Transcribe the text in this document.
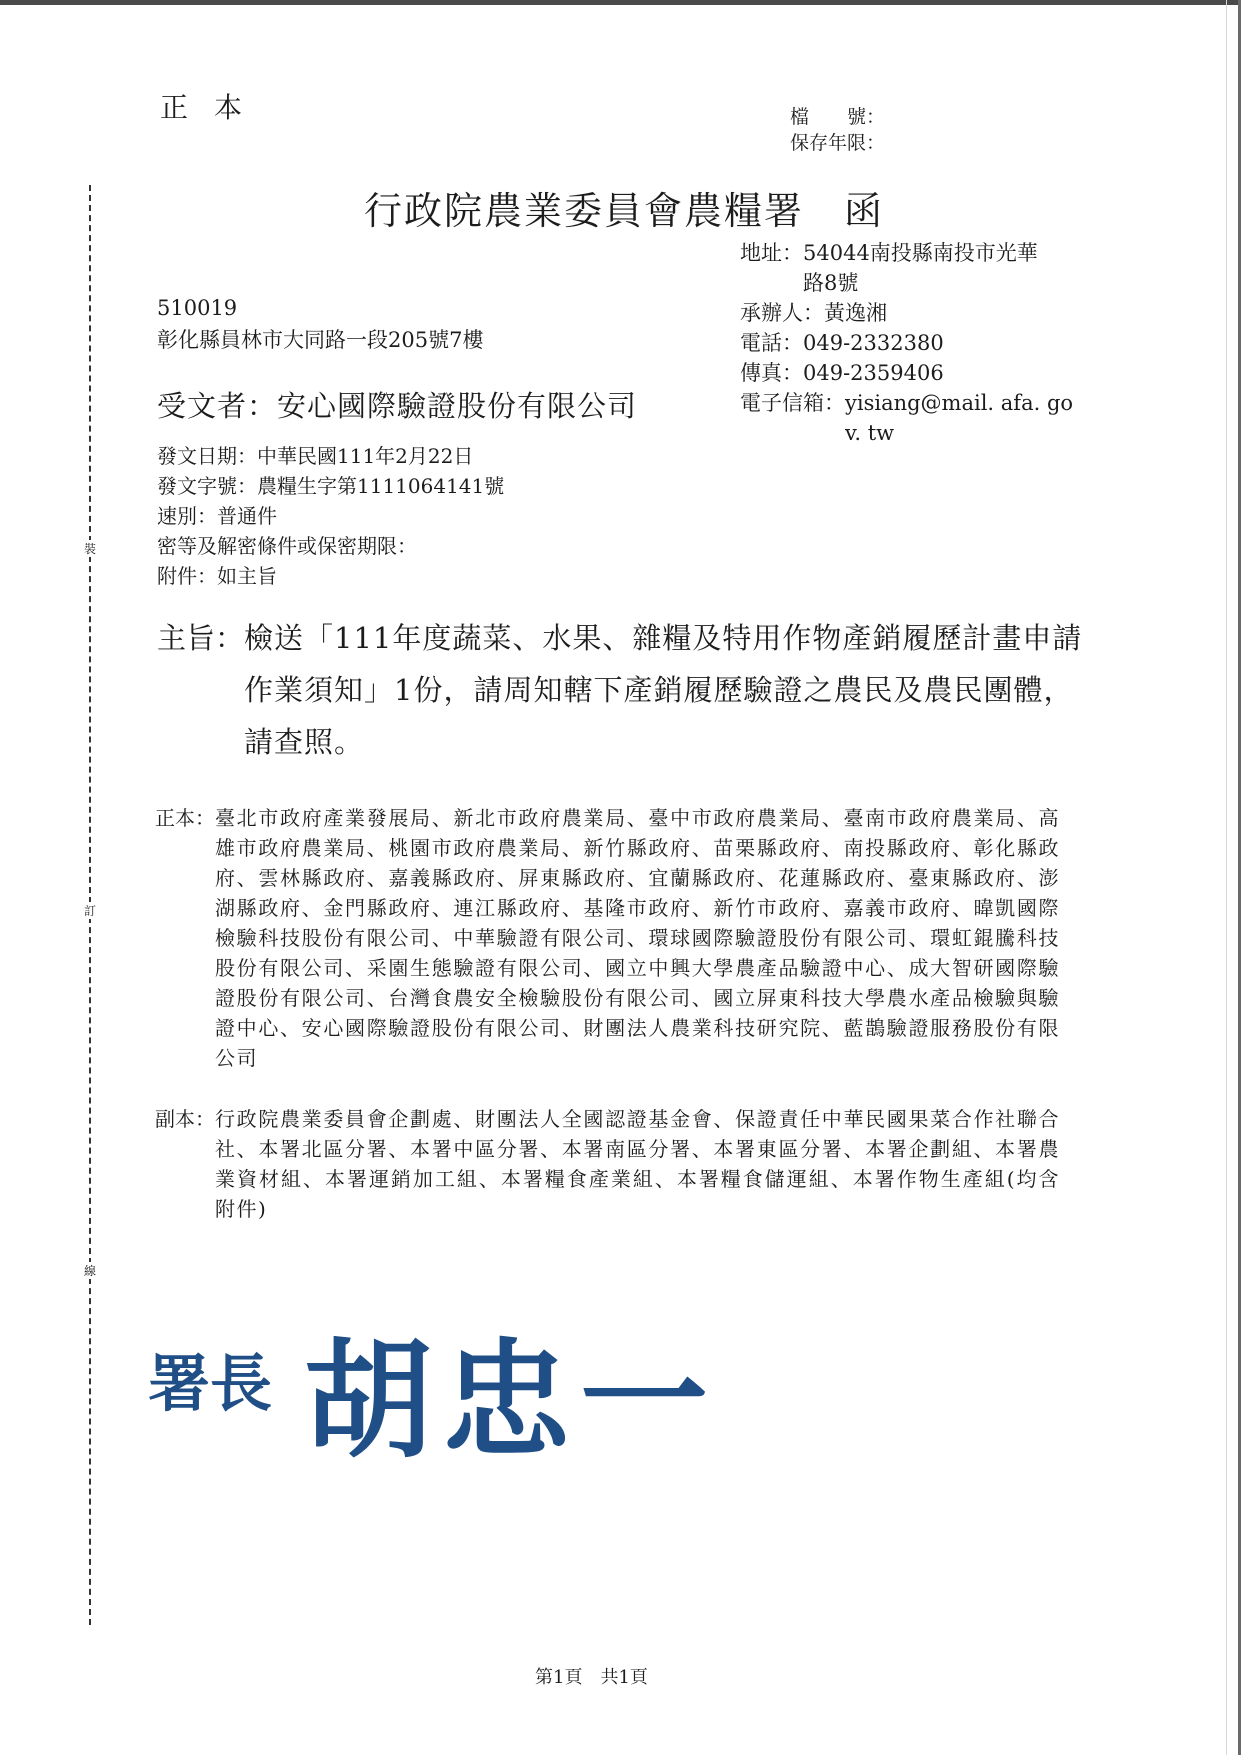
正本	檔　　號：
保存年限：
行政院農業委員會農糧署　函
地址： 54044南投縣南投市光華路8號
承辦人： 黃逸湘
電話： 049-2332380
傳真： 049-2359406
電子信箱： yisiang@mail. afa. gov. tw
510019
彰化縣員林市大同路一段205號7樓
受文者：安心國際驗證股份有限公司
發文日期：中華民國111年2月22日
發文字號：農糧生字第1111064141號
速別：普通件
密等及解密條件或保密期限：
附件：如主旨
主旨： 檢送「111年度蔬菜、水果、雜糧及特用作物產銷履歷計畫申請作業須知」1份，請周知轄下產銷履歷驗證之農民及農民團體，請查照。
正本： 臺北市政府產業發展局、新北市政府農業局、臺中市政府農業局、臺南市政府農業局、高雄市政府農業局、桃園市政府農業局、新竹縣政府、苗栗縣政府、南投縣政府、彰化縣政府、雲林縣政府、嘉義縣政府、屏東縣政府、宜蘭縣政府、花蓮縣政府、臺東縣政府、澎湖縣政府、金門縣政府、連江縣政府、基隆市政府、新竹市政府、嘉義市政府、暐凱國際檢驗科技股份有限公司、中華驗證有限公司、環球國際驗證股份有限公司、環虹錕騰科技股份有限公司、采園生態驗證有限公司、國立中興大學農產品驗證中心、成大智研國際驗證股份有限公司、台灣食農安全檢驗股份有限公司、國立屏東科技大學農水產品檢驗與驗證中心、安心國際驗證股份有限公司、財團法人農業科技研究院、藍鵲驗證服務股份有限公司
副本： 行政院農業委員會企劃處、財團法人全國認證基金會、保證責任中華民國果菜合作社聯合社、本署北區分署、本署中區分署、本署南區分署、本署東區分署、本署企劃組、本署農業資材組、本署運銷加工組、本署糧食產業組、本署糧食儲運組、本署作物生產組(均含附件)
裝
訂
線
署長 胡忠一
第1頁　共1頁
